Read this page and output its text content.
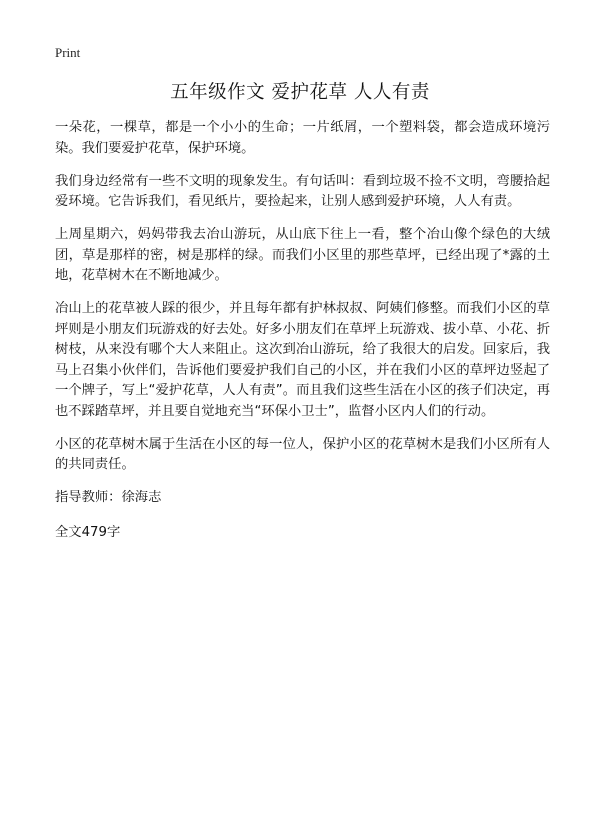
Print
五年级作文 爱护花草 人人有责

一朵花，一棵草，都是一个小小的生命；一片纸屑，一个塑料袋，都会造成环境污染。我们要爱护花草，保护环境。

我们身边经常有一些不文明的现象发生。有句话叫：看到垃圾不捡不文明，弯腰拾起爱环境。它告诉我们，看见纸片，要捡起来，让别人感到爱护环境，人人有责。

上周星期六，妈妈带我去冶山游玩，从山底下往上一看，整个冶山像个绿色的大绒团，草是那样的密，树是那样的绿。而我们小区里的那些草坪，已经出现了*露的土地，花草树木在不断地减少。

冶山上的花草被人踩的很少，并且每年都有护林叔叔、阿姨们修整。而我们小区的草坪则是小朋友们玩游戏的好去处。好多小朋友们在草坪上玩游戏、拔小草、小花、折树枝，从来没有哪个大人来阻止。这次到冶山游玩，给了我很大的启发。回家后，我马上召集小伙伴们，告诉他们要爱护我们自己的小区，并在我们小区的草坪边竖起了一个牌子，写上“爱护花草，人人有责”。而且我们这些生活在小区的孩子们决定，再也不踩踏草坪，并且要自觉地充当“环保小卫士”，监督小区内人们的行动。

小区的花草树木属于生活在小区的每一位人，保护小区的花草树木是我们小区所有人的共同责任。

指导教师：徐海志

全文479字
